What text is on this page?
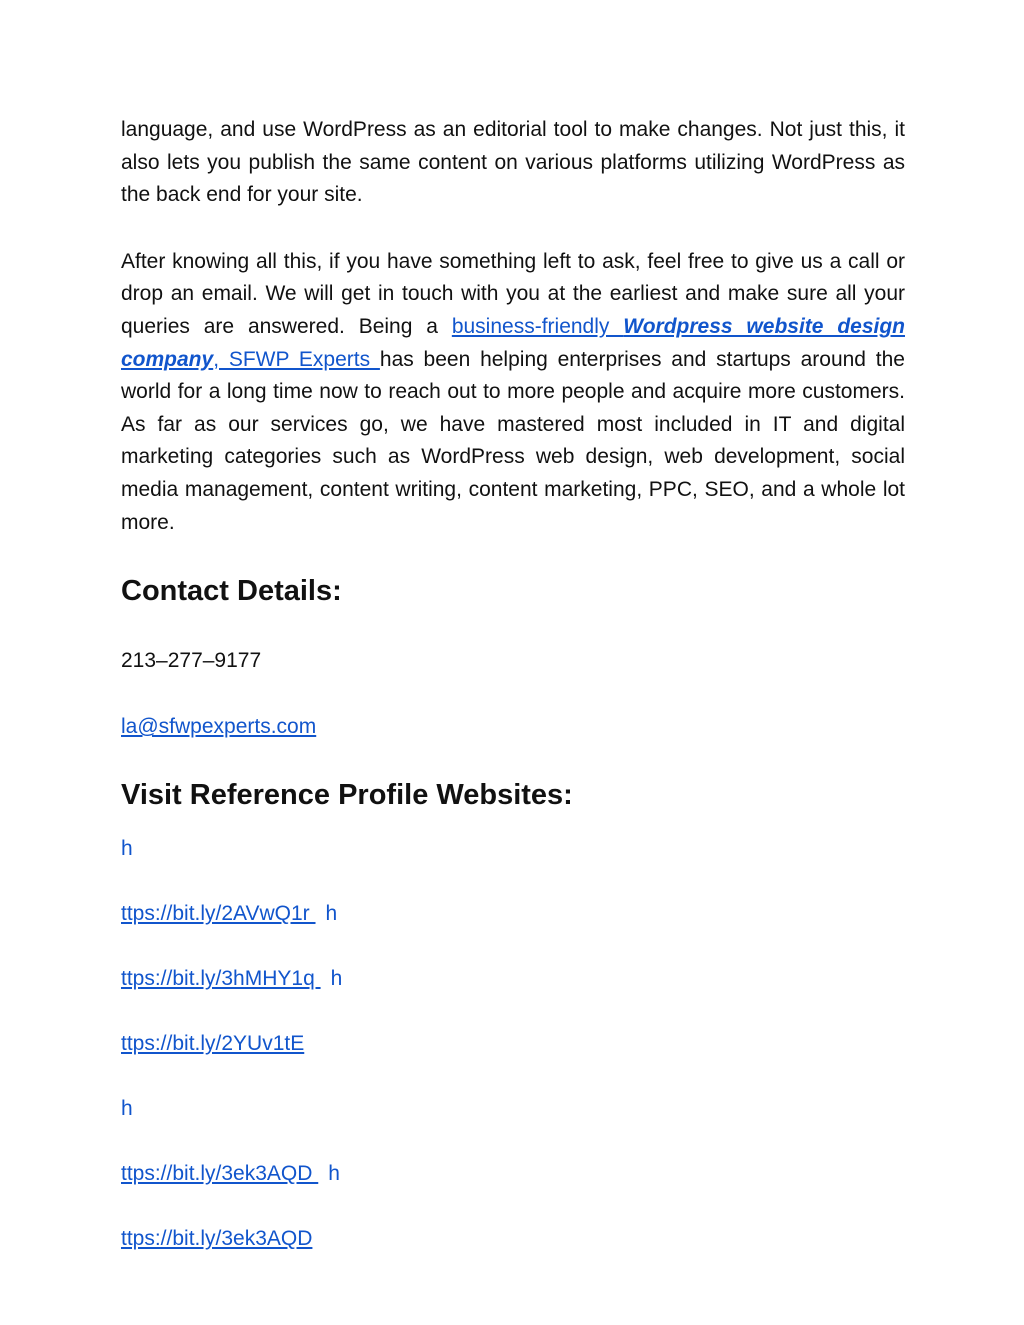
language, and use WordPress as an editorial tool to make changes. Not just this, it also lets you publish the same content on various platforms utilizing WordPress as the back end for your site.

After knowing all this, if you have something left to ask, feel free to give us a call or drop an email. We will get in touch with you at the earliest and make sure all your queries are answered. Being a business-friendly Wordpress website design company, SFWP Experts has been helping enterprises and startups around the world for a long time now to reach out to more people and acquire more customers. As far as our services go, we have mastered most included in IT and digital marketing categories such as WordPress web design, web development, social media management, content writing, content marketing, PPC, SEO, and a whole lot more.

Contact Details:
213–277–9177
la@sfwpexperts.com
Visit Reference Profile Websites:
h
ttps://bit.ly/2AVwQ1r h
ttps://bit.ly/3hMHY1q h
ttps://bit.ly/2YUv1tE
h
ttps://bit.ly/3ek3AQD h
ttps://bit.ly/3ek3AQD
